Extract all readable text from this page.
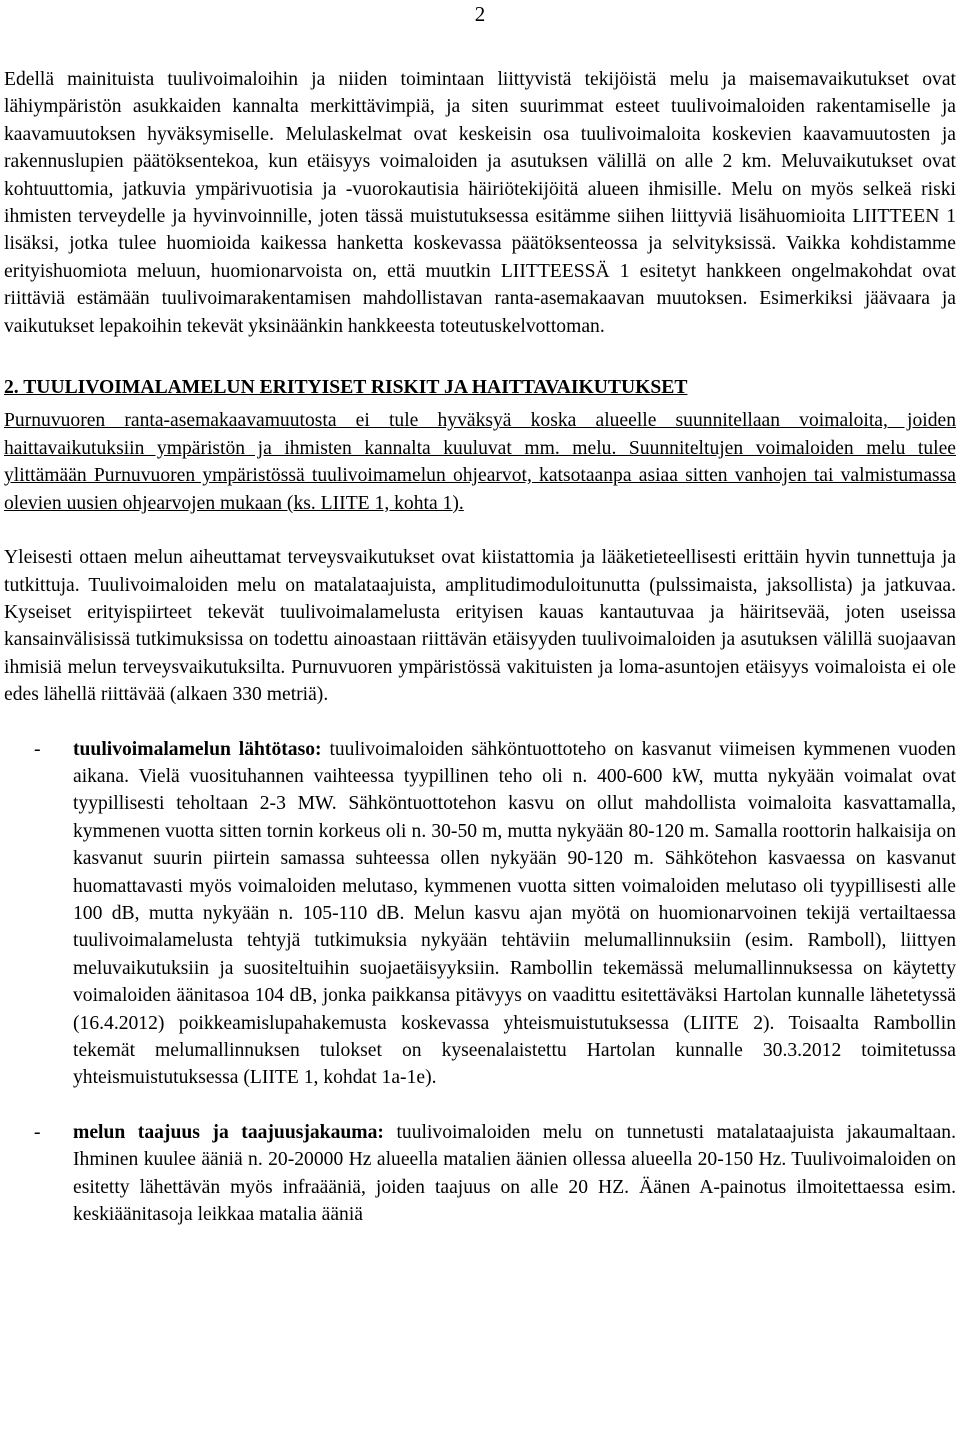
2

Edellä mainituista tuulivoimaloihin ja niiden toimintaan liittyvistä tekijöistä melu ja maisemavaikutukset ovat lähiympäristön asukkaiden kannalta merkittävimpiä, ja siten suurimmat esteet tuulivoimaloiden rakentamiselle ja kaavamuutoksen hyväksymiselle. Melulaskelmat ovat keskeisin osa tuulivoimaloita koskevien kaavamuutosten ja rakennuslupien päätöksentekoa, kun etäisyys voimaloiden ja asutuksen välillä on alle 2 km. Meluvaikutukset ovat kohtuuttomia, jatkuvia ympärivuotisia ja -vuorokautisia häiriötekijöitä alueen ihmisille. Melu on myös selkeä riski ihmisten terveydelle ja hyvinvoinnille, joten tässä muistutuksessa esitämme siihen liittyviä lisähuomioita LIITTEEN 1 lisäksi, jotka tulee huomioida kaikessa hanketta koskevassa päätöksenteossa ja selvityksissä. Vaikka kohdistamme erityishuomiota meluun, huomionarvoista on, että muutkin LIITTEESSÄ 1 esitetyt hankkeen ongelmakohdat ovat riittäviä estämään tuulivoimarakentamisen mahdollistavan ranta-asemakaavan muutoksen. Esimerkiksi jäävaara ja vaikutukset lepakoihin tekevät yksinäänkin hankkeesta toteutuskelvottoman.

2. TUULIVOIMALAMELUN ERITYISET RISKIT JA HAITTAVAIKUTUKSET

Purnuvuoren ranta-asemakaavamuutosta ei tule hyväksyä koska alueelle suunnitellaan voimaloita, joiden haittavaikutuksiin ympäristön ja ihmisten kannalta kuuluvat mm. melu. Suunniteltujen voimaloiden melu tulee ylittämään Purnuvuoren ympäristössä tuulivoimamelun ohjearvot, katsotaanpa asiaa sitten vanhojen tai valmistumassa olevien uusien ohjearvojen mukaan (ks. LIITE 1, kohta 1).

Yleisesti ottaen melun aiheuttamat terveysvaikutukset ovat kiistattomia ja lääketieteellisesti erittäin hyvin tunnettuja ja tutkittuja. Tuulivoimaloiden melu on matalataajuista, amplitudimoduloitunutta (pulssimaista, jaksollista) ja jatkuvaa. Kyseiset erityispiirteet tekevät tuulivoimalamelusta erityisen kauas kantautuvaa ja häiritsevää, joten useissa kansainvälisissä tutkimuksissa on todettu ainoastaan riittävän etäisyyden tuulivoimaloiden ja asutuksen välillä suojaavan ihmisiä melun terveysvaikutuksilta. Purnuvuoren ympäristössä vakituisten ja loma-asuntojen etäisyys voimaloista ei ole edes lähellä riittävää (alkaen 330 metriä).

- tuulivoimalamelun lähtötaso: tuulivoimaloiden sähköntuottoteho on kasvanut viimeisen kymmenen vuoden aikana. Vielä vuosituhannen vaihteessa tyypillinen teho oli n. 400-600 kW, mutta nykyään voimalat ovat tyypillisesti teholtaan 2-3 MW. Sähköntuottotehon kasvu on ollut mahdollista voimaloita kasvattamalla, kymmenen vuotta sitten tornin korkeus oli n. 30-50 m, mutta nykyään 80-120 m. Samalla roottorin halkaisija on kasvanut suurin piirtein samassa suhteessa ollen nykyään 90-120 m. Sähkötehon kasvaessa on kasvanut huomattavasti myös voimaloiden melutaso, kymmenen vuotta sitten voimaloiden melutaso oli tyypillisesti alle 100 dB, mutta nykyään n. 105-110 dB. Melun kasvu ajan myötä on huomionarvoinen tekijä vertailtaessa tuulivoimalamelusta tehtyjä tutkimuksia nykyään tehtäviin melumallinnuksiin (esim. Ramboll), liittyen meluvaikutuksiin ja suositeltuihin suojaetäisyyksiin. Rambollin tekemässä melumallinnuksessa on käytetty voimaloiden äänitasoa 104 dB, jonka paikkansa pitävyys on vaadittu esitettäväksi Hartolan kunnalle lähetetyssä (16.4.2012) poikkeamislupahakemusta koskevassa yhteismuistutuksessa (LIITE 2). Toisaalta Rambollin tekemät melumallinnuksen tulokset on kyseenalaistettu Hartolan kunnalle 30.3.2012 toimitetussa yhteismuistutuksessa (LIITE 1, kohdat 1a-1e).
- melun taajuus ja taajuusjakauma: tuulivoimaloiden melu on tunnetusti matalataajuista jakaumaltaan. Ihminen kuulee ääniä n. 20-20000 Hz alueella matalien äänien ollessa alueella 20-150 Hz. Tuulivoimaloiden on esitetty lähettävän myös infraääniä, joiden taajuus on alle 20 HZ. Äänen A-painotus ilmoitettaessa esim. keskiäänitasoja leikkaa matalia ääniä
